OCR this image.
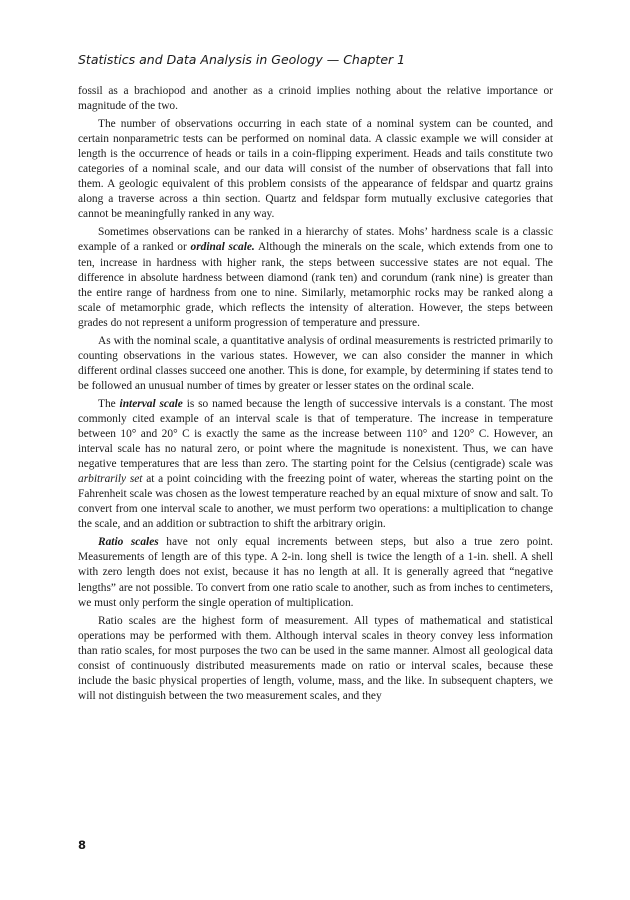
Statistics and Data Analysis in Geology — Chapter 1

fossil as a brachiopod and another as a crinoid implies nothing about the relative importance or magnitude of the two.

The number of observations occurring in each state of a nominal system can be counted, and certain nonparametric tests can be performed on nominal data. A classic example we will consider at length is the occurrence of heads or tails in a coin-flipping experiment. Heads and tails constitute two categories of a nominal scale, and our data will consist of the number of observations that fall into them. A geologic equivalent of this problem consists of the appearance of feldspar and quartz grains along a traverse across a thin section. Quartz and feldspar form mutually exclusive categories that cannot be meaningfully ranked in any way.

Sometimes observations can be ranked in a hierarchy of states. Mohs’ hardness scale is a classic example of a ranked or ordinal scale. Although the minerals on the scale, which extends from one to ten, increase in hardness with higher rank, the steps between successive states are not equal. The difference in absolute hardness between diamond (rank ten) and corundum (rank nine) is greater than the entire range of hardness from one to nine. Similarly, metamorphic rocks may be ranked along a scale of metamorphic grade, which reflects the intensity of alteration. However, the steps between grades do not represent a uniform progression of temperature and pressure.

As with the nominal scale, a quantitative analysis of ordinal measurements is restricted primarily to counting observations in the various states. However, we can also consider the manner in which different ordinal classes succeed one another. This is done, for example, by determining if states tend to be followed an unusual number of times by greater or lesser states on the ordinal scale.

The interval scale is so named because the length of successive intervals is a constant. The most commonly cited example of an interval scale is that of temperature. The increase in temperature between 10° and 20° C is exactly the same as the increase between 110° and 120° C. However, an interval scale has no natural zero, or point where the magnitude is nonexistent. Thus, we can have negative temperatures that are less than zero. The starting point for the Celsius (centigrade) scale was arbitrarily set at a point coinciding with the freezing point of water, whereas the starting point on the Fahrenheit scale was chosen as the lowest temperature reached by an equal mixture of snow and salt. To convert from one interval scale to another, we must perform two operations: a multiplication to change the scale, and an addition or subtraction to shift the arbitrary origin.

Ratio scales have not only equal increments between steps, but also a true zero point. Measurements of length are of this type. A 2-in. long shell is twice the length of a 1-in. shell. A shell with zero length does not exist, because it has no length at all. It is generally agreed that “negative lengths” are not possible. To convert from one ratio scale to another, such as from inches to centimeters, we must only perform the single operation of multiplication.

Ratio scales are the highest form of measurement. All types of mathematical and statistical operations may be performed with them. Although interval scales in theory convey less information than ratio scales, for most purposes the two can be used in the same manner. Almost all geological data consist of continuously distributed measurements made on ratio or interval scales, because these include the basic physical properties of length, volume, mass, and the like. In subsequent chapters, we will not distinguish between the two measurement scales, and they

8
